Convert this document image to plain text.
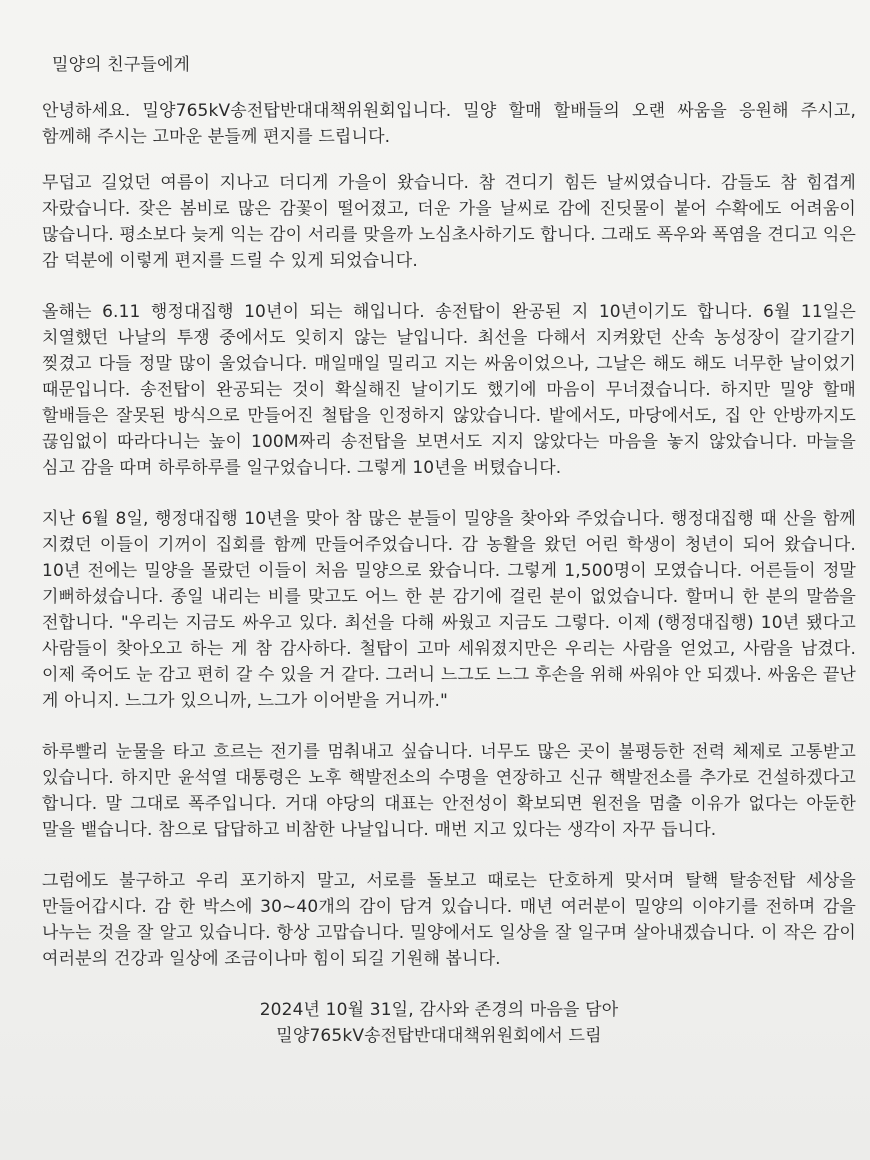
밀양의 친구들에게

안녕하세요. 밀양765kV송전탑반대대책위원회입니다. 밀양 할매 할배들의 오랜 싸움을 응원해 주시고, 함께해 주시는 고마운 분들께 편지를 드립니다.

무덥고 길었던 여름이 지나고 더디게 가을이 왔습니다. 참 견디기 힘든 날씨였습니다. 감들도 참 힘겹게 자랐습니다. 잦은 봄비로 많은 감꽃이 떨어졌고, 더운 가을 날씨로 감에 진딧물이 붙어 수확에도 어려움이 많습니다. 평소보다 늦게 익는 감이 서리를 맞을까 노심초사하기도 합니다. 그래도 폭우와 폭염을 견디고 익은 감 덕분에 이렇게 편지를 드릴 수 있게 되었습니다.

올해는 6.11 행정대집행 10년이 되는 해입니다. 송전탑이 완공된 지 10년이기도 합니다. 6월 11일은 치열했던 나날의 투쟁 중에서도 잊히지 않는 날입니다. 최선을 다해서 지켜왔던 산속 농성장이 갈기갈기 찢겼고 다들 정말 많이 울었습니다. 매일매일 밀리고 지는 싸움이었으나, 그날은 해도 해도 너무한 날이었기 때문입니다. 송전탑이 완공되는 것이 확실해진 날이기도 했기에 마음이 무너졌습니다. 하지만 밀양 할매 할배들은 잘못된 방식으로 만들어진 철탑을 인정하지 않았습니다. 밭에서도, 마당에서도, 집 안 안방까지도 끊임없이 따라다니는 높이 100M짜리 송전탑을 보면서도 지지 않았다는 마음을 놓지 않았습니다. 마늘을 심고 감을 따며 하루하루를 일구었습니다. 그렇게 10년을 버텼습니다.

지난 6월 8일, 행정대집행 10년을 맞아 참 많은 분들이 밀양을 찾아와 주었습니다. 행정대집행 때 산을 함께 지켰던 이들이 기꺼이 집회를 함께 만들어주었습니다. 감 농활을 왔던 어린 학생이 청년이 되어 왔습니다. 10년 전에는 밀양을 몰랐던 이들이 처음 밀양으로 왔습니다. 그렇게 1,500명이 모였습니다. 어른들이 정말 기뻐하셨습니다. 종일 내리는 비를 맞고도 어느 한 분 감기에 걸린 분이 없었습니다. 할머니 한 분의 말씀을 전합니다. "우리는 지금도 싸우고 있다. 최선을 다해 싸웠고 지금도 그렇다. 이제 (행정대집행) 10년 됐다고 사람들이 찾아오고 하는 게 참 감사하다. 철탑이 고마 세워졌지만은 우리는 사람을 얻었고, 사람을 남겼다. 이제 죽어도 눈 감고 편히 갈 수 있을 거 같다. 그러니 느그도 느그 후손을 위해 싸워야 안 되겠나. 싸움은 끝난 게 아니지. 느그가 있으니까, 느그가 이어받을 거니까."

하루빨리 눈물을 타고 흐르는 전기를 멈춰내고 싶습니다. 너무도 많은 곳이 불평등한 전력 체제로 고통받고 있습니다. 하지만 윤석열 대통령은 노후 핵발전소의 수명을 연장하고 신규 핵발전소를 추가로 건설하겠다고 합니다. 말 그대로 폭주입니다. 거대 야당의 대표는 안전성이 확보되면 원전을 멈출 이유가 없다는 아둔한 말을 뱉습니다. 참으로 답답하고 비참한 나날입니다. 매번 지고 있다는 생각이 자꾸 듭니다.

그럼에도 불구하고 우리 포기하지 말고, 서로를 돌보고 때로는 단호하게 맞서며 탈핵 탈송전탑 세상을 만들어갑시다. 감 한 박스에 30~40개의 감이 담겨 있습니다. 매년 여러분이 밀양의 이야기를 전하며 감을 나누는 것을 잘 알고 있습니다. 항상 고맙습니다. 밀양에서도 일상을 잘 일구며 살아내겠습니다. 이 작은 감이 여러분의 건강과 일상에 조금이나마 힘이 되길 기원해 봅니다.

2024년 10월 31일, 감사와 존경의 마음을 담아
밀양765kV송전탑반대대책위원회에서 드림
